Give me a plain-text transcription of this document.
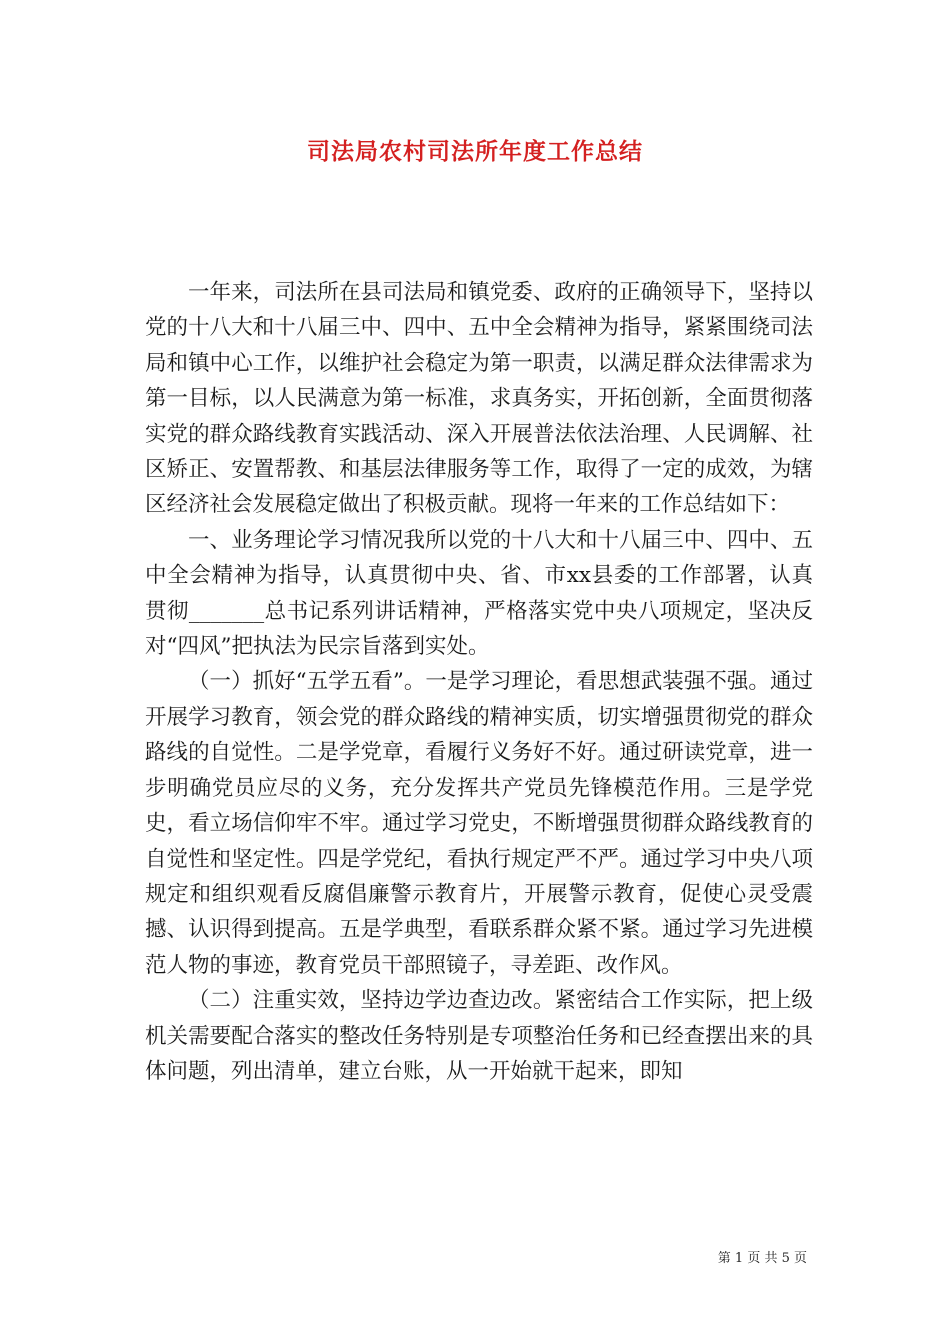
司法局农村司法所年度工作总结

一年来，司法所在县司法局和镇党委、政府的正确领导下，坚持以党的十八大和十八届三中、四中、五中全会精神为指导，紧紧围绕司法局和镇中心工作，以维护社会稳定为第一职责，以满足群众法律需求为第一目标，以人民满意为第一标准，求真务实，开拓创新，全面贯彻落实党的群众路线教育实践活动、深入开展普法依法治理、人民调解、社区矫正、安置帮教、和基层法律服务等工作，取得了一定的成效，为辖区经济社会发展稳定做出了积极贡献。现将一年来的工作总结如下：

一、业务理论学习情况我所以党的十八大和十八届三中、四中、五中全会精神为指导，认真贯彻中央、省、市xx县委的工作部署，认真贯彻_______总书记系列讲话精神，严格落实党中央八项规定，坚决反对“四风”把执法为民宗旨落到实处。

（一）抓好“五学五看”。一是学习理论，看思想武装强不强。通过开展学习教育，领会党的群众路线的精神实质，切实增强贯彻党的群众路线的自觉性。二是学党章，看履行义务好不好。通过研读党章，进一步明确党员应尽的义务，充分发挥共产党员先锋模范作用。三是学党史，看立场信仰牢不牢。通过学习党史，不断增强贯彻群众路线教育的自觉性和坚定性。四是学党纪，看执行规定严不严。通过学习中央八项规定和组织观看反腐倡廉警示教育片，开展警示教育，促使心灵受震撼、认识得到提高。五是学典型，看联系群众紧不紧。通过学习先进模范人物的事迹，教育党员干部照镜子，寻差距、改作风。

（二）注重实效，坚持边学边查边改。紧密结合工作实际，把上级机关需要配合落实的整改任务特别是专项整治任务和已经查摆出来的具体问题，列出清单，建立台账，从一开始就干起来，即知

第 1 页 共 5 页
